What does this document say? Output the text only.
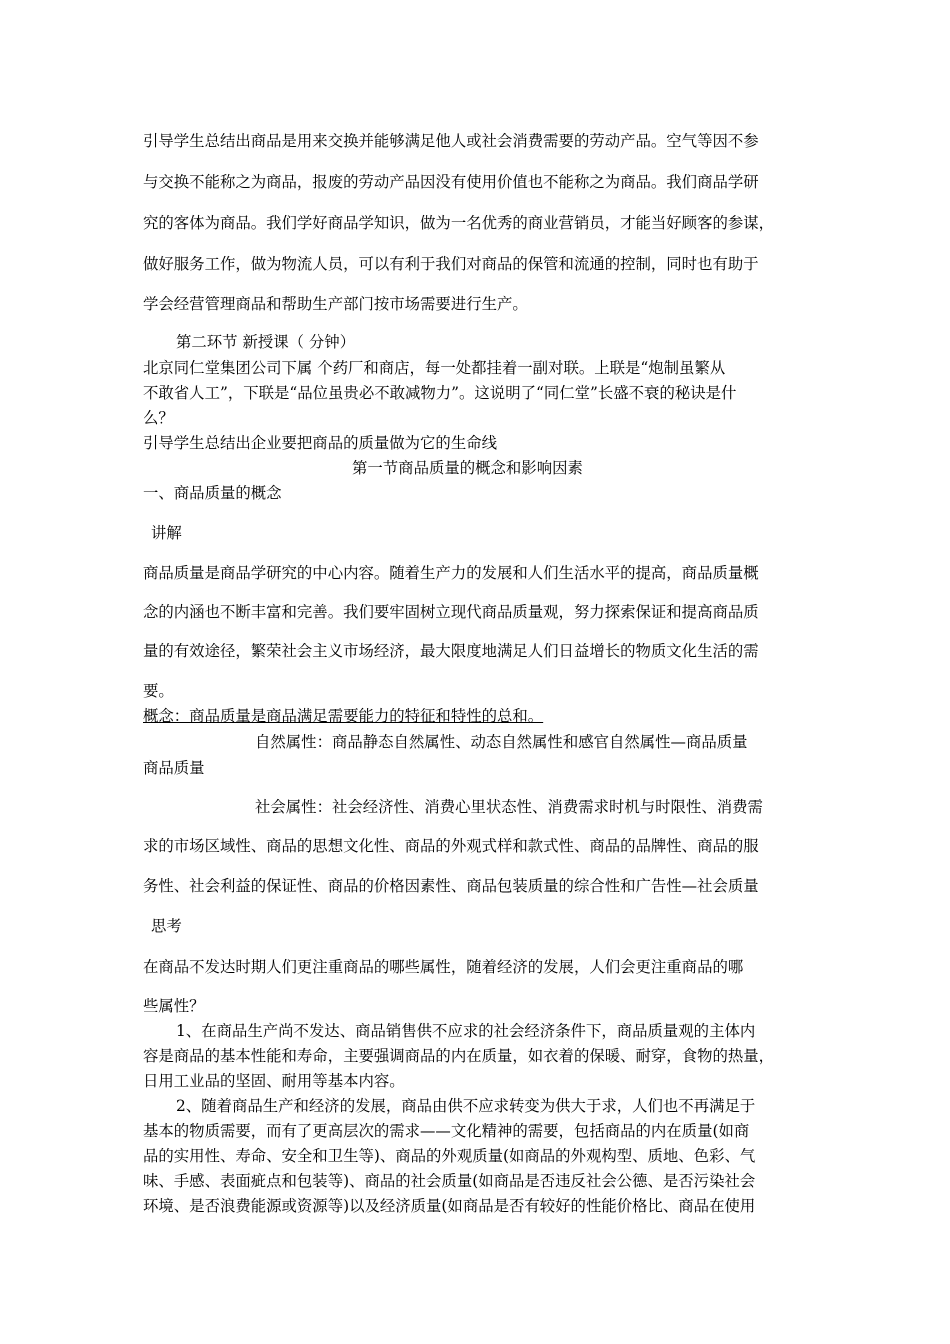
引导学生总结出商品是用来交换并能够满足他人或社会消费需要的劳动产品。空气等因不参

与交换不能称之为商品，报废的劳动产品因没有使用价值也不能称之为商品。我们商品学研

究的客体为商品。我们学好商品学知识，做为一名优秀的商业营销员，才能当好顾客的参谋，

做好服务工作，做为物流人员，可以有利于我们对商品的保管和流通的控制，同时也有助于

学会经营管理商品和帮助生产部门按市场需要进行生产。

第二环节 新授课（ 分钟）

北京同仁堂集团公司下属 个药厂和商店，每一处都挂着一副对联。上联是“炮制虽繁从

不敢省人工”，下联是“品位虽贵必不敢减物力”。这说明了“同仁堂”长盛不衰的秘诀是什

么？

引导学生总结出企业要把商品的质量做为它的生命线

第一节商品质量的概念和影响因素

一、商品质量的概念

讲解

商品质量是商品学研究的中心内容。随着生产力的发展和人们生活水平的提高，商品质量概

念的内涵也不断丰富和完善。我们要牢固树立现代商品质量观，努力探索保证和提高商品质

量的有效途径，繁荣社会主义市场经济，最大限度地满足人们日益增长的物质文化生活的需

要。

概念：商品质量是商品满足需要能力的特征和特性的总和。

自然属性：商品静态自然属性、动态自然属性和感官自然属性—商品质量

商品质量

社会属性：社会经济性、消费心里状态性、消费需求时机与时限性、消费需

求的市场区域性、商品的思想文化性、商品的外观式样和款式性、商品的品牌性、商品的服

务性、社会利益的保证性、商品的价格因素性、商品包装质量的综合性和广告性—社会质量

思考

在商品不发达时期人们更注重商品的哪些属性，随着经济的发展，人们会更注重商品的哪

些属性？

1、在商品生产尚不发达、商品销售供不应求的社会经济条件下，商品质量观的主体内

容是商品的基本性能和寿命，主要强调商品的内在质量，如衣着的保暖、耐穿，食物的热量，

日用工业品的坚固、耐用等基本内容。

2、随着商品生产和经济的发展，商品由供不应求转变为供大于求，人们也不再满足于

基本的物质需要，而有了更高层次的需求——文化精神的需要，包括商品的内在质量(如商

品的实用性、寿命、安全和卫生等)、商品的外观质量(如商品的外观构型、质地、色彩、气

味、手感、表面疵点和包装等)、商品的社会质量(如商品是否违反社会公德、是否污染社会

环境、是否浪费能源或资源等)以及经济质量(如商品是否有较好的性能价格比、商品在使用
